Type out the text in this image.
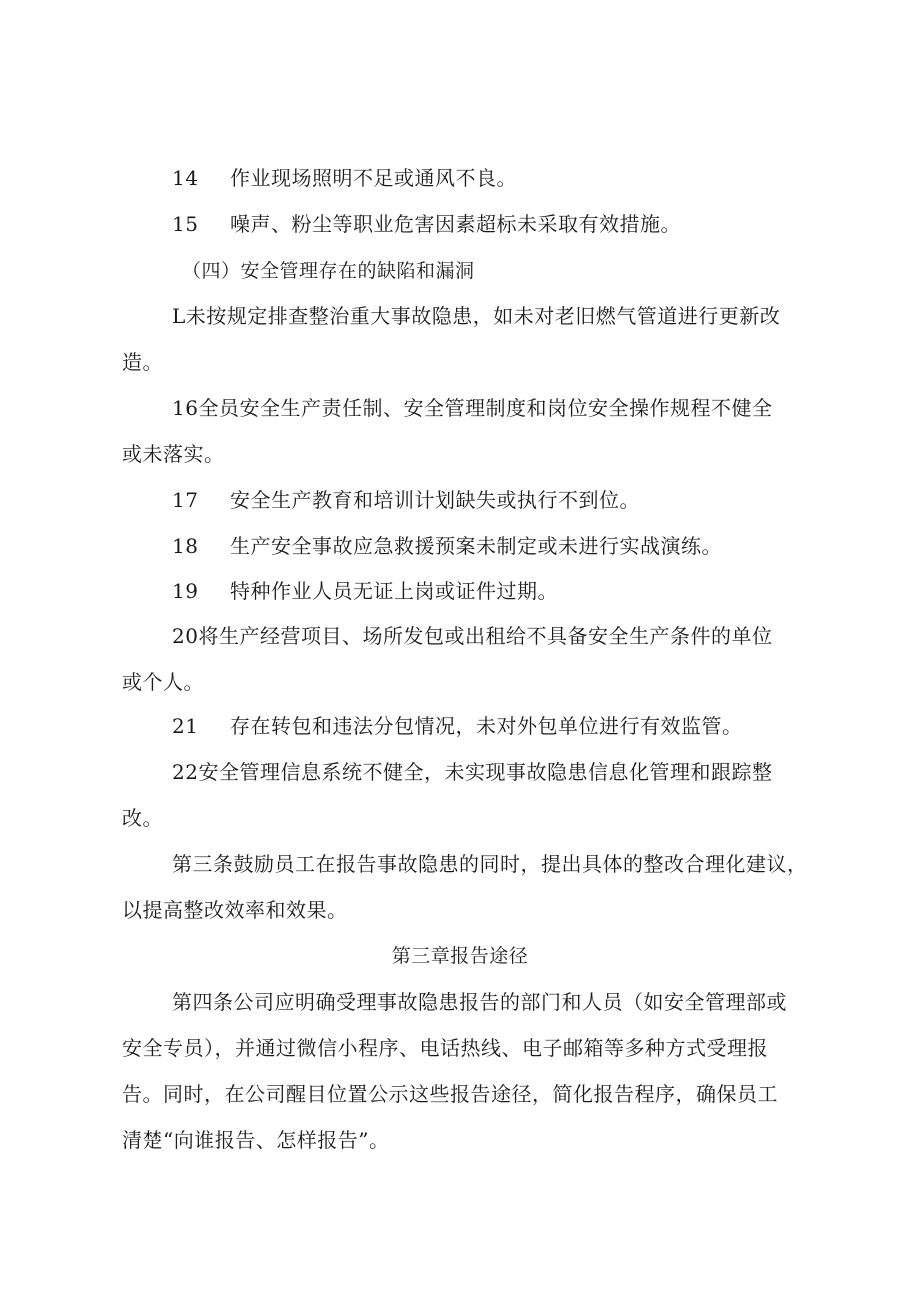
14 作业现场照明不足或通风不良。
15 噪声、粉尘等职业危害因素超标未采取有效措施。
（四）安全管理存在的缺陷和漏洞
L未按规定排查整治重大事故隐患，如未对老旧燃气管道进行更新改
造。
16全员安全生产责任制、安全管理制度和岗位安全操作规程不健全
或未落实。
17 安全生产教育和培训计划缺失或执行不到位。
18 生产安全事故应急救援预案未制定或未进行实战演练。
19 特种作业人员无证上岗或证件过期。
20将生产经营项目、场所发包或出租给不具备安全生产条件的单位
或个人。
21 存在转包和违法分包情况，未对外包单位进行有效监管。
22安全管理信息系统不健全，未实现事故隐患信息化管理和跟踪整
改。
第三条鼓励员工在报告事故隐患的同时，提出具体的整改合理化建议，
以提高整改效率和效果。
第三章报告途径
第四条公司应明确受理事故隐患报告的部门和人员（如安全管理部或
安全专员），并通过微信小程序、电话热线、电子邮箱等多种方式受理报
告。同时，在公司醒目位置公示这些报告途径，简化报告程序，确保员工
清楚“向谁报告、怎样报告”。
